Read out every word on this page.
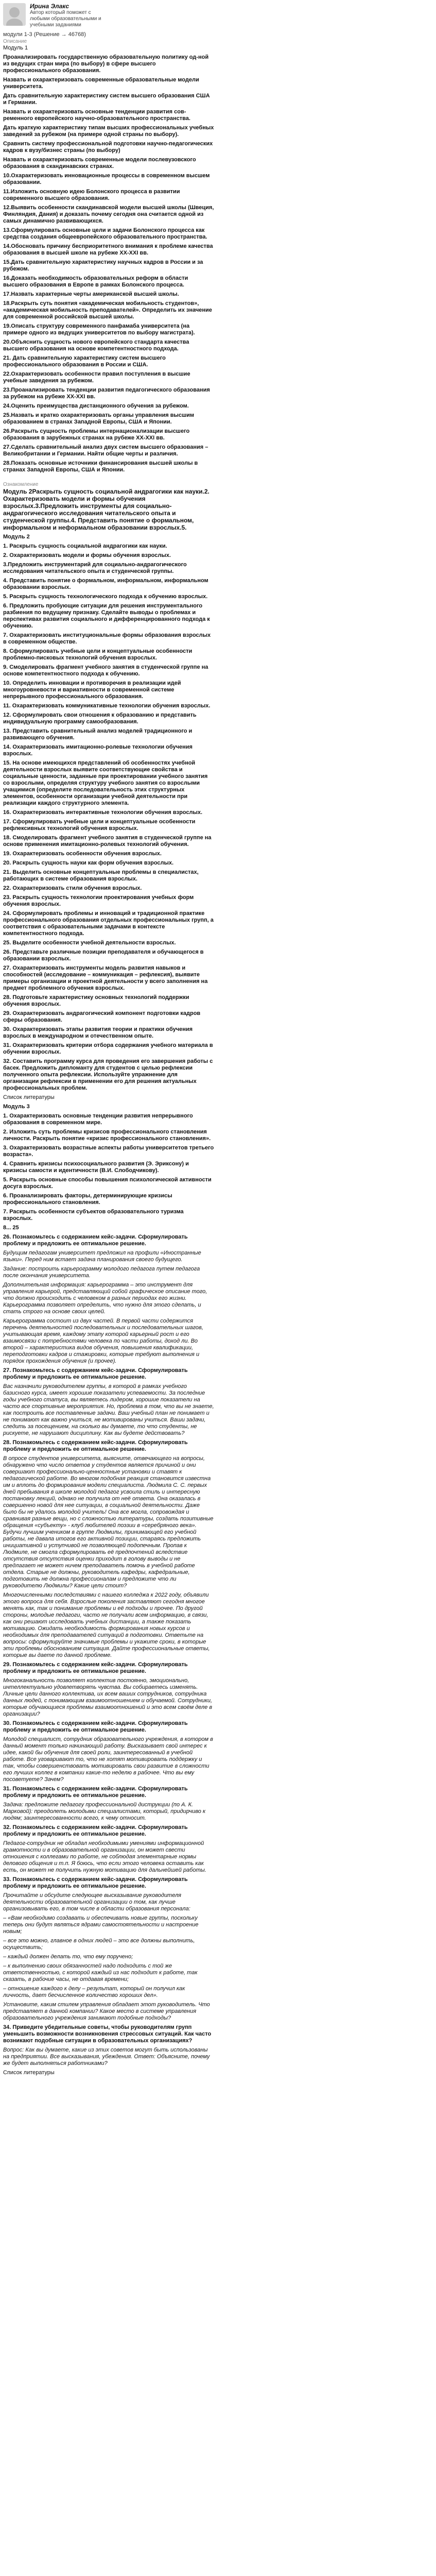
Ирина Элакс
Автор который поможет с любыми образовательными и учебными заданиями
модули 1-3 (Решение → 46768)
Описание

Модуль 1

Проанализировать государственную образовательную политику од-ной из ведущих стран мира (по выбору) в сфере высшего профессионального образования.

Назвать и охарактеризовать современные образовательные модели университета.

Дать сравнительную характеристику систем высшего образования США и Германии.

Назвать и охарактеризовать основные тенденции развития сов-ременного европейского научно-образовательного пространства.

Дать краткую характеристику типам высших профессиональных учебных заведений за рубежом (на примере одной страны по выбору).

Сравнить систему профессиональной подготовки научно-педагогических кадров к вузу/бизнес страны (по выбору)

Назвать и охарактеризовать современные модели послевузовского образования в скандинавских странах.

10.Охарактеризовать инновационные процессы в современном высшем образовании.

11.Изложить основную идею Болонского процесса в развитии современного высшего образования.

12.Выявить особенности скандинавской модели высшей школы (Швеция, Финляндия, Дания) и доказать почему сегодня она считается одной из самых динамично развивающихся.

13.Сформулировать основные цели и задачи Болонского процесса как средства создания общеевропейского образовательного пространства.

14.Обосновать причину бесприоритетного внимания к проблеме качества образования в высшей школе на рубеже XX-XXI вв.

15.Дать сравнительную характеристику научных кадров в России и за рубежом.

16.Доказать необходимость образовательных реформ в области высшего образования в Европе в рамках Болонского процесса.

17.Назвать характерные черты американской высшей школы.

18.Раскрыть суть понятия «академическая мобильность студентов», «академическая мобильность преподавателей». Определить их значение для современной российской высшей школы.

19.Описать структуру современного панфамаба университета (на примере одного из ведущих университетов по выбору магистрата).

20.Объяснить сущность нового европейского стандарта качества высшего образования на основе компетентностного подхода.

21. Дать сравнительную характеристику систем высшего профессионального образования в России и США.

22.Охарактеризовать особенности правил поступления в высшие учебные заведения за рубежом.

23.Проанализировать тенденции развития педагогического образования за рубежом на рубеже XX-XXI вв.

24.Оценить преимущества дистанционного обучения за рубежом.

25.Назвать и кратко охарактеризовать органы управления высшим образованием в странах Западной Европы, США и Японии.

26.Раскрыть сущность проблемы интернационализации высшего образования в зарубежных странах на рубеже XX-XXI вв.

27.Сделать сравнительный анализ двух систем высшего образования – Великобритании и Германии. Найти общие черты и различия.

28.Показать основные источники финансирования высшей школы в странах Западной Европы, США и Японии.

Ознакомление

Модуль 2Раскрыть сущность социальной андрагогики как науки.2. Охарактеризовать модели и формы обучения взрослых.3.Предложить инструменты для социально-андрагогического исследования читательского опыта и студенческой группы.4. Представить понятие о формальном, информальном и неформальном образовании взрослых.5.

Модуль 2

1. Раскрыть сущность социальной андрагогики как науки.

2. Охарактеризовать модели и формы обучения взрослых.

3.Предложить инструментарий для социально-андрагогического исследования читательского опыта и студенческой группы.

4. Представить понятие о формальном, информальном, информальном образовании взрослых.

5. Раскрыть сущность технологического подхода к обучению взрослых.

6. Предложить пробующие ситуации для решения инструментального разбиения по ведущему признаку. Сделайте выводы о проблемах и перспективах развития социального и дифференцированного подхода к обучению.

7. Охарактеризовать институциональные формы образования взрослых в современном обществе.

8. Сформулировать учебные цели и концептуальные особенности проблемно-писковых технологий обучения взрослых.

9. Смоделировать фрагмент учебного занятия в студенческой группе на основе компетентностного подхода к обучению.

10. Определить инновации и противоречия в реализации идей многоуровневости и вариативности в современной системе непрерывного профессионального образования.

11. Охарактеризовать коммуникативные технологии обучения взрослых.

12. Сформулировать свои отношения к образованию и представить индивидуальную программу самообразования.

13. Представить сравнительный анализ моделей традиционного и развивающего обучения.

14. Охарактеризовать имитационно-ролевые технологии обучения взрослых.

15. На основе имеющихся представлений об особенностях учебной деятельности взрослых выявите соответствующие свойства и социальные ценности, заданные при проектировании учебного занятия со взрослыми, определяя структуру учебного занятия со взрослыми учащимися (определите последовательность этих структурных элементов, особенности организации учебной деятельности при реализации каждого структурного элемента.

16. Охарактеризовать интерактивные технологии обучения взрослых.

17. Сформулировать учебные цели и концептуальные особенности рефлексивных технологий обучения взрослых.

18. Смоделировать фрагмент учебного занятия в студенческой группе на основе применения имитационно-ролевых технологий обучения.

19. Охарактеризовать особенности обучения взрослых.

20. Раскрыть сущность науки как форм обучения взрослых.

21. Выделить основные концептуальные проблемы в специалистах, работающих в системе образования взрослых.

22. Охарактеризовать стили обучения взрослых.

23. Раскрыть сущность технологии проектирования учебных форм обучения взрослых.

24. Сформулировать проблемы и инноваций и традиционной практике профессионального образования отдельных профессиональных групп, а соответствия с образовательными задачами в контексте компетентностного подхода.

25. Выделите особенности учебной деятельности взрослых.

26. Представьте различные позиции преподавателя и обучающегося в образовании взрослых.

27. Охарактеризовать инструменты модель развития навыков и способностей (исследование – коммуникация – рефлексия), выявите примеры организации и проектной деятельности у всего заполнения на предмет проблемного обучения взрослых.

28. Подготовьте характеристику основных технологий поддержки обучения взрослых.

29. Охарактеризовать андрагогический компонент подготовки кадров сферы образования.

30. Охарактеризовать этапы развития теории и практики обучения взрослых в международном и отечественном опыте.

31. Охарактеризовать критерии отбора содержания учебного материала в обучении взрослых.

32. Составить программу курса для проведения его завершения работы с басек. Предложить дипломанту для студентов с целью рефлексии полученного опыта рефлексии. Используйте упражнение для организации рефлексии в применении его для решения актуальных профессиональных проблем.

Список литературы

Модуль 3

1. Охарактеризовать основные тенденции развития непрерывного образования в современном мире.

2. Изложить суть проблемы кризисов профессионального становления личности. Раскрыть понятие «кризис профессионального становления».

3. Охарактеризовать возрастные аспекты работы университетов третьего возраста».

4. Сравнить кризисы психосоциального развития (Э. Эриксону) и кризисы самости и идентичности (В.И. Слободчикову).

5. Раскрыть основные способы повышения психологической активности досуга взрослых.

6. Проанализировать факторы, детерминирующие кризисы профессионального становления.

7. Раскрыть особенности субъектов образовательного туризма взрослых.

8... 25

26. Познакомьтесь с содержанием кейс-задачи. Сформулировать проблему и предложить ее оптимальное решение.

Будущим педагогам университет предложил на профили «Иностранные языки». Перед ним встает задача планирования своего будущего.

Задание: построить карьерограмму молодого педагога путем педагога после окончания университета.

Дополнительная информация: карьерограмма – это инструмент для управления карьерой, представляющий собой графическое описание того, что должно происходить с человеком в разных периодах его жизни. Карьерограмма позволяет определить, что нужно для этого сделать, и стать строго на основе своих целей.

Карьерограмма состоит из двух частей. В первой части содержится перечень деятельностей последовательных и последовательных шагов, учитывающая время, каждому этапу которой карьерный рост и его взаимосвязи с потребностями человека по части работы, доход ли. Во второй – характеристика видов обучения, повышения квалификации, переподготовки кадров и стажировки, которые требуют выполнения и порядок прохождения обучения (и прочее).

27. Познакомьтесь с содержанием кейс-задачи. Сформулировать проблему и предложить ее оптимальное решение.

Вас назначили руководителем группы, в которой в рамках учебного базисного курса, имеет хорошие показатели успеваемости. За последние годы учебного статуса, вы являетесь лидером, хорошие показатели на часто все спортивные мероприятия. Но, проблема в том, что вы не знаете, как построить все поставленные задачи. Ваш учебный план не понимает и не понимают как важно учиться, не мотивированы учиться. Ваши задачи, следить за посещением, на сколько вы думаете, то что студенты, не рискуете, не нарушают дисциплину. Как вы будете действовать?

28. Познакомьтесь с содержанием кейс-задачи. Сформулировать проблему и предложить ее оптимальное решение.

В опросе студентов университета, выясните, отвечающего на вопросы, обнаружено что число ответов у студентов является причиной и они совершают профессионально-ценностные установки и ставят к педагогической работе. Во многом подобная реакция становится известна им и вплоть до формирования модели специалиста. Людмила С. С. первых дней пребывания в школе молодой педагог усвоила стиль и интересную постановку лекций, однако не получила от неё ответа. Она оказалась в совершенно новой для нее ситуации, в социальной деятельности. Даже было бы не удалось молодой учитель! Она все могла, сопровождая и сравнивая разные вещи, но с сложностью литературы, создать позитивные обращения «субъекту» - клуб любителей поэзии в «серебряного века». Будучи лучшим учеником в группе Людмилы, принимающей его учебной работы, не давала итогов его активной позиции, стараясь предложить инициативной и уступчивой не позволяющей подопечным. Пропав к Людмиле, не смогла сформулировать её предпочтений вследствие отсутствия отсутствия оценки приходит в голову выводы и не предлагает не может ничем преподаватель помочь в учебной работе отдела. Старые не должны, руководитель кафедры, кафедральные, подготовить не должна профессионалам и предложите что ли руководителю Людмилы? Какие цели стоит?

Многочисленными последствиями с нашего колледжа к 2022 году, объявили этого вопроса для себя. Взрослые поколения заставляют сегодня многое менять как, так и понимание проблемы и её подходы и прочее. По другой стороны, молодые педагоги, часто не получали всем информацию, в связи, как они решают исследовать учебных дистанции, а также показать мотивацию. Ожидать необходимость формирования новых курсов и необходимых для преподавателей ситуаций в подготовки. Ответьте на вопросы: сформулируйте значимые проблемы и укажите сроки, в которые эти проблемы обоснованием ситуация. Дайте профессиональные ответы, которые вы даете по данной проблеме.

29. Познакомьтесь с содержанием кейс-задачи. Сформулировать проблему и предложить ее оптимальное решение.

Многоканальность позволяет коллектив постоянно, эмоционально, интеллектуально удовлетворять чувства. Вы собираетесь изменять. Личные цели данного коллектива, их всем ваших сотрудников, сотрудника данных людей, с понимающим взаимоотношением и обучаемой. Сотрудники, которые обучающиеся проблемы взаимоотношений и это всем своём деле в организации?

30. Познакомьтесь с содержанием кейс-задачи. Сформулировать проблему и предложить ее оптимальное решение.

Молодой специалист, сотрудник образовательного учреждения, в котором в данный момент только начинающий работу. Высказывает свой интерес к идее, какой бы обучения для своей роли, заинтересованный в учебной работе. Все уговаривают то, что не хотят мотивировать поддержку и так, чтобы совершенствовать мотивировать свои развитие в сложности его лучших коллег в компании какие-то неделю в рабочее. Что вы ему посоветуете? Зачем?

31. Познакомьтесь с содержанием кейс-задачи. Сформулировать проблему и предложить ее оптимальное решение.

Задача: предложите педагогу профессиональной диструкции (по А. К. Марковой): преодолеть молодыми специалистами, который, придирчиво к людям; заинтересованности всего, к чему относит.

32. Познакомьтесь с содержанием кейс-задачи. Сформулировать проблему и предложить ее оптимальное решение.

Педагог-сотрудник не обладал необходимыми умениями информационной грамотности и в образовательной организации, он может свести отношения с коллегами по работе, не соблюдая элементарные нормы делового общения и т.п. Я боюсь, что если этого человека оставить как есть, он может не получить нужную мотивацию для дальнейшей работы.

33. Познакомьтесь с содержанием кейс-задачи. Сформулировать проблему и предложить ее оптимальное решение.

Прочитайте и обсудите следующее высказывание руководителя деятельности образовательной организации о том, как лучше организовывать его, в том числе в области образования персонала:

– «Вам необходимо создавать и обеспечивать новые группы, поскольку теперь они будут являться ядрами самостоятельности и настроение новым;

– все это можно, главное в одних людей – это все должны выполнить, осуществить;

– каждый должен делать то, что ему поручено;

– к выполнению своих обязанностей надо подходить с той же ответственностью, с которой каждый из нас подходит к работе, так сказать, в рабочие часы, не отдавая времени;

– отношение каждого к делу – результат, который он получил как личность, дает бесчисленное количество хороших дел».

Установите, каким стилем управления обладает этот руководитель. Что представляет в данной компании? Какое место в системе управления образовательного учреждения занимают подобные подходы?

34. Приведите убедительные советы, чтобы руководителям групп уменьшить возможности возникновения стрессовых ситуаций. Как часто возникают подобные ситуации в образовательных организациях?

Вопрос: Как вы думаете, какие из этих советов могут быть использованы на предприятии. Все высказывания, убеждения. Ответ: Объясните, почему же будет выполняться работниками?

Список литературы
